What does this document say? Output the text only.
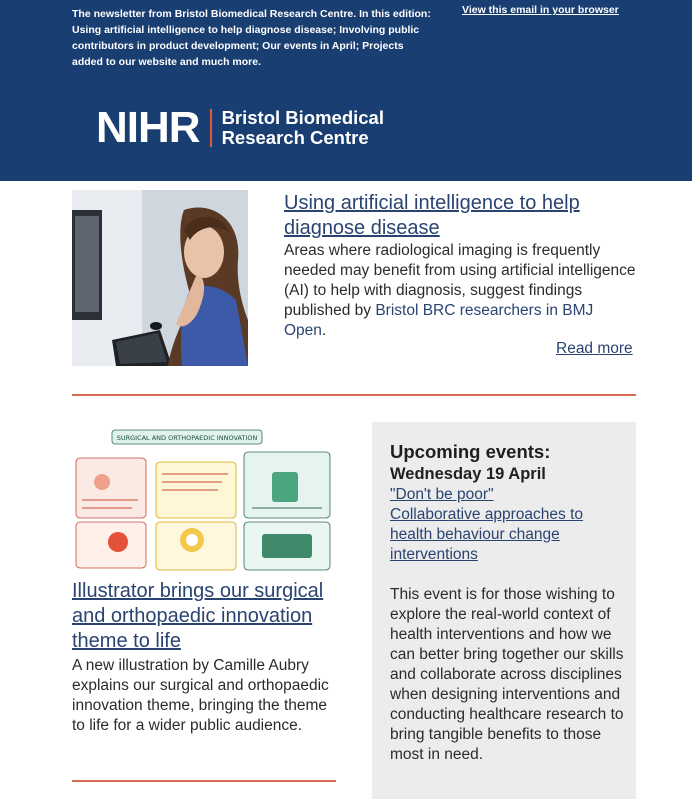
The newsletter from Bristol Biomedical Research Centre. In this edition: Using artificial intelligence to help diagnose disease; Involving public contributors in product development; Our events in April; Projects added to our website and much more.
View this email in your browser
NIHR Bristol Biomedical
Research Centre
Using artificial intelligence to help diagnose disease
Areas where radiological imaging is frequently needed may benefit from using artificial intelligence (AI) to help with diagnosis, suggest findings published by Bristol BRC researchers in BMJ Open.
Read more
SURGICAL AND ORTHOPAEDIC INNOVATION
Illustrator brings our surgical and orthopaedic innovation theme to life
A new illustration by Camille Aubry explains our surgical and orthopaedic innovation theme, bringing the theme to life for a wider public audience.
Upcoming events:
Wednesday 19 April
"Don't be poor"
Collaborative approaches to health behaviour change interventions
This event is for those wishing to explore the real-world context of health interventions and how we can better bring together our skills and collaborate across disciplines when designing interventions and conducting healthcare research to bring tangible benefits to those most in need.
